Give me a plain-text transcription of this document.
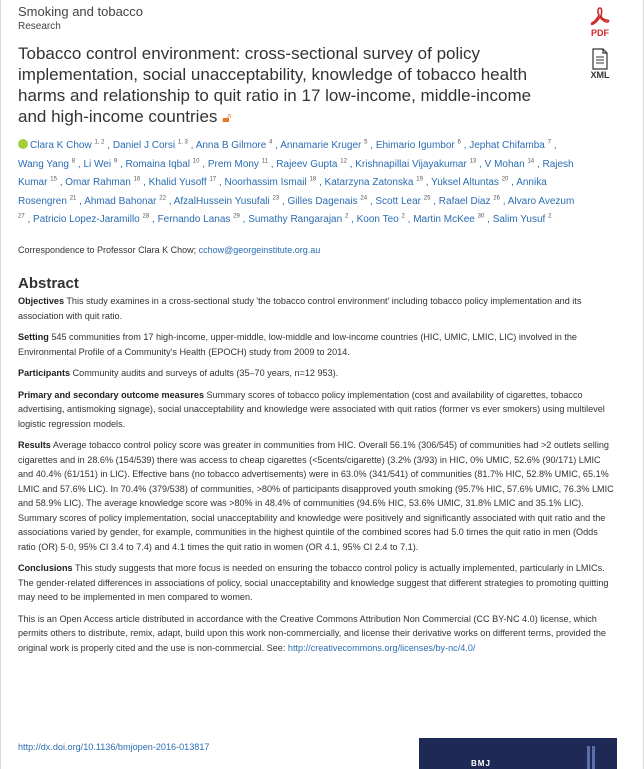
Smoking and tobacco
Research
Tobacco control environment: cross-sectional survey of policy implementation, social unacceptability, knowledge of tobacco health harms and relationship to quit ratio in 17 low-income, middle-income and high-income countries 🔓︎
PDF
XML
Clara K Chow $^{1, 2}$ , Daniel J Corsi $^{1, 3}$ , Anna B Gilmore $^4$ , Annamarie Kruger $^5$ , Ehimario Igumbor $^6$ , Jephat Chifamba $^7$ , Wang Yang $^8$ , Li Wei $^9$ , Romaina Iqbal $^{10}$ , Prem Mony $^{11}$ , Rajeev Gupta $^{12}$ , Krishnapillai Vijayakumar $^{13}$ , V Mohan $^{14}$ , Rajesh Kumar $^{15}$ , Omar Rahman $^{16}$ , Khalid Yusoff $^{17}$ , Noorhassim Ismail $^{18}$ , Katarzyna Zatonska $^{19}$ , Yuksel Altuntas $^{20}$ , Annika Rosengren $^{21}$ , Ahmad Bahonar $^{22}$ , AfzalHussein Yusufali $^{23}$ , Gilles Dagenais $^{24}$ , Scott Lear $^{25}$ , Rafael Diaz $^{26}$ , Alvaro Avezum $^{27}$ , Patricio Lopez-Jaramillo $^{28}$ , Fernando Lanas $^{29}$ , Sumathy Rangarajan $^2$ , Koon Teo $^2$ , Martin McKee $^{30}$ , Salim Yusuf $^2$
Correspondence to Professor Clara K Chow; cchow@georgeinstitute.org.au
Abstract

Objectives This study examines in a cross-sectional study 'the tobacco control environment' including tobacco policy implementation and its association with quit ratio.

Setting 545 communities from 17 high-income, upper-middle, low-middle and low-income countries (HIC, UMIC, LMIC, LIC) involved in the Environmental Profile of a Community's Health (EPOCH) study from 2009 to 2014.

Participants Community audits and surveys of adults (35–70 years, n=12 953).

Primary and secondary outcome measures Summary scores of tobacco policy implementation (cost and availability of cigarettes, tobacco advertising, antismoking signage), social unacceptability and knowledge were associated with quit ratios (former vs ever smokers) using multilevel logistic regression models.

Results Average tobacco control policy score was greater in communities from HIC. Overall 56.1% (306/545) of communities had >2 outlets selling cigarettes and in 28.6% (154/539) there was access to cheap cigarettes (<5cents/cigarette) (3.2% (3/93) in HIC, 0% UMIC, 52.6% (90/171) LMIC and 40.4% (61/151) in LIC). Effective bans (no tobacco advertisements) were in 63.0% (341/541) of communities (81.7% HIC, 52.8% UMIC, 65.1% LMIC and 57.6% LIC). In 70.4% (379/538) of communities, >80% of participants disapproved youth smoking (95.7% HIC, 57.6% UMIC, 76.3% LMIC and 58.9% LIC). The average knowledge score was >80% in 48.4% of communities (94.6% HIC, 53.6% UMIC, 31.8% LMIC and 35.1% LIC). Summary scores of policy implementation, social unacceptability and knowledge were positively and significantly associated with quit ratio and the associations varied by gender, for example, communities in the highest quintile of the combined scores had 5.0 times the quit ratio in men (Odds ratio (OR) 5·0, 95% CI 3.4 to 7.4) and 4.1 times the quit ratio in women (OR 4.1, 95% CI 2.4 to 7.1).

Conclusions This study suggests that more focus is needed on ensuring the tobacco control policy is actually implemented, particularly in LMICs. The gender-related differences in associations of policy, social unacceptability and knowledge suggest that different strategies to promoting quitting may need to be implemented in men compared to women.

This is an Open Access article distributed in accordance with the Creative Commons Attribution Non Commercial (CC BY-NC 4.0) license, which permits others to distribute, remix, adapt, build upon this work non-commercially, and license their derivative works on different terms, provided the original work is properly cited and the use is non-commercial. See: http://creativecommons.org/licenses/by-nc/4.0/

http://dx.doi.org/10.1136/bmjopen-2016-013817
BMJ
